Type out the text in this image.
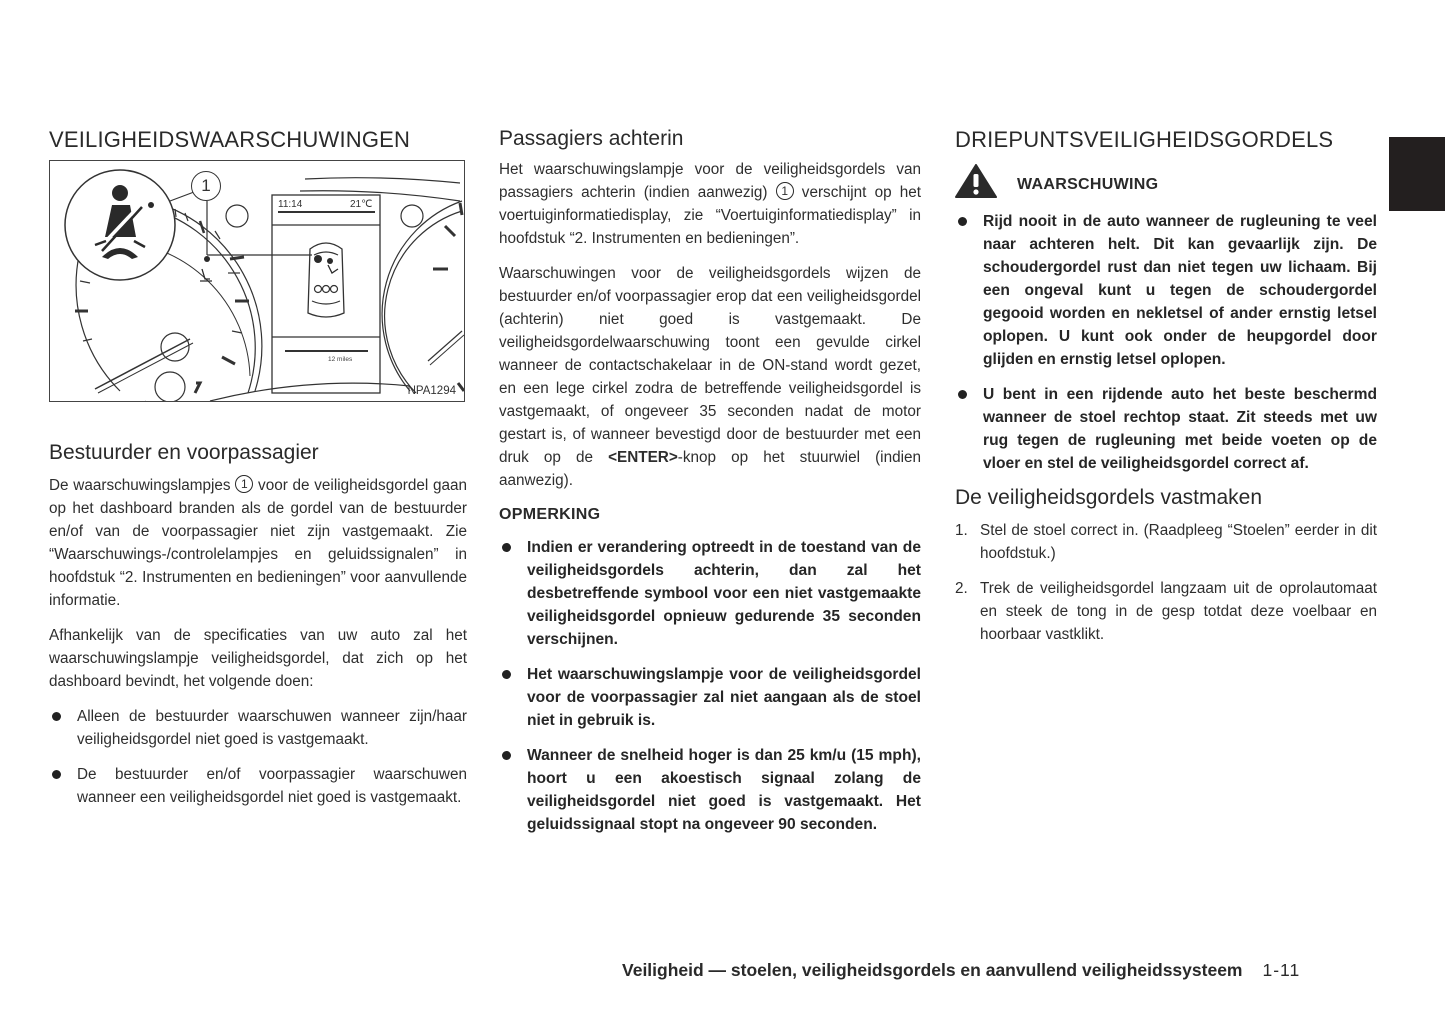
VEILIGHEIDSWAARSCHUWINGEN
1
11:14	21℃
12 miles
NPA1294
Bestuurder en voorpassagier

De waarschuwingslampjes 1 voor de veiligheidsgordel gaan op het dashboard branden als de gordel van de bestuurder en/of van de voorpassagier niet zijn vastgemaakt. Zie “Waarschuwings-/controlelampjes en geluidssignalen” in hoofdstuk “2. Instrumenten en bedieningen” voor aanvullende informatie.

Afhankelijk van de specificaties van uw auto zal het waarschuwingslampje veiligheidsgordel, dat zich op het dashboard bevindt, het volgende doen:

Alleen de bestuurder waarschuwen wanneer zijn/haar veiligheidsgordel niet goed is vastgemaakt.
De bestuurder en/of voorpassagier waarschuwen wanneer een veiligheidsgordel niet goed is vastgemaakt.
Passagiers achterin

Het waarschuwingslampje voor de veiligheidsgordels van passagiers achterin (indien aanwezig) 1 verschijnt op het voertuiginformatiedisplay, zie “Voertuiginformatiedisplay” in hoofdstuk “2. Instrumenten en bedieningen”.

Waarschuwingen voor de veiligheidsgordels wijzen de bestuurder en/of voorpassagier erop dat een veiligheidsgordel (achterin) niet goed is vastgemaakt. De veiligheidsgordelwaarschuwing toont een gevulde cirkel wanneer de contactschakelaar in de ON-stand wordt gezet, en een lege cirkel zodra de betreffende veiligheidsgordel is vastgemaakt, of ongeveer 35 seconden nadat de motor gestart is, of wanneer bevestigd door de bestuurder met een druk op de <ENTER>-knop op het stuurwiel (indien aanwezig).

OPMERKING
Indien er verandering optreedt in de toestand van de veiligheidsgordels achterin, dan zal het desbetreffende symbool voor een niet vastgemaakte veiligheidsgordel opnieuw gedurende 35 seconden verschijnen.
Het waarschuwingslampje voor de veiligheidsgordel voor de voorpassagier zal niet aangaan als de stoel niet in gebruik is.
Wanneer de snelheid hoger is dan 25 km/u (15 mph), hoort u een akoestisch signaal zolang de veiligheidsgordel niet goed is vastgemaakt. Het geluidssignaal stopt na ongeveer 90 seconden.
DRIEPUNTSVEILIGHEIDSGORDELS
WAARSCHUWING
Rijd nooit in de auto wanneer de rugleuning te veel naar achteren helt. Dit kan gevaarlijk zijn. De schoudergordel rust dan niet tegen uw lichaam. Bij een ongeval kunt u tegen de schoudergordel gegooid worden en nekletsel of ander ernstig letsel oplopen. U kunt ook onder de heupgordel door glijden en ernstig letsel oplopen.
U bent in een rijdende auto het beste beschermd wanneer de stoel rechtop staat. Zit steeds met uw rug tegen de rugleuning met beide voeten op de vloer en stel de veiligheidsgordel correct af.
De veiligheidsgordels vastmaken
1. Stel de stoel correct in. (Raadpleeg “Stoelen” eerder in dit hoofdstuk.)
2. Trek de veiligheidsgordel langzaam uit de oprolautomaat en steek de tong in de gesp totdat deze voelbaar en hoorbaar vastklikt.
Veiligheid — stoelen, veiligheidsgordels en aanvullend veiligheidssysteem 1-11
